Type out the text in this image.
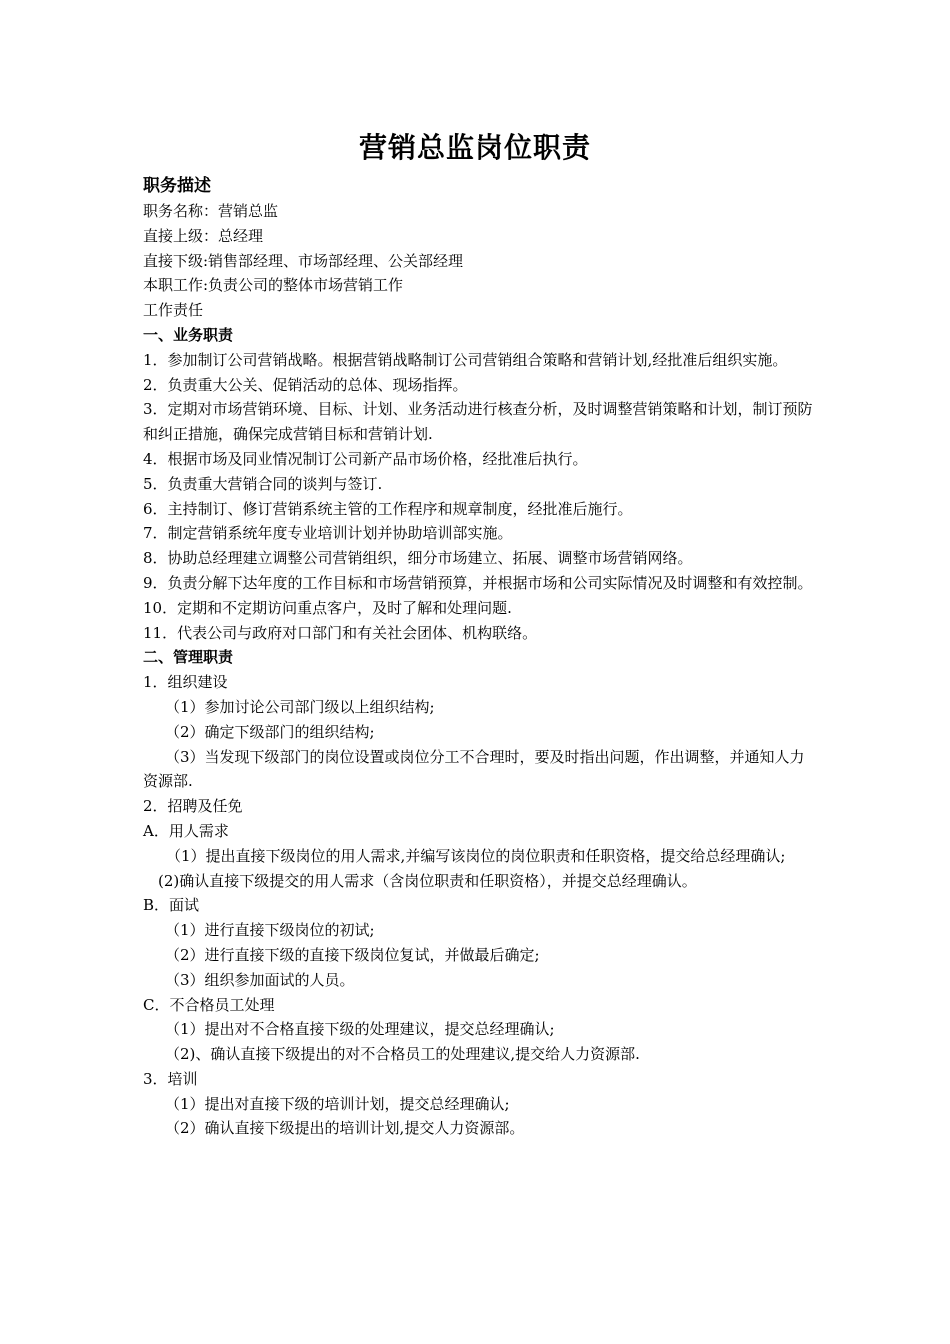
营销总监岗位职责
职务描述
职务名称：营销总监
直接上级：总经理
直接下级:销售部经理、市场部经理、公关部经理
本职工作:负责公司的整体市场营销工作
工作责任
一、业务职责
1．参加制订公司营销战略。根据营销战略制订公司营销组合策略和营销计划,经批准后组织实施。
2．负责重大公关、促销活动的总体、现场指挥。
3．定期对市场营销环境、目标、计划、业务活动进行核查分析，及时调整营销策略和计划，制订预防和纠正措施，确保完成营销目标和营销计划.
4．根据市场及同业情况制订公司新产品市场价格，经批准后执行。
5．负责重大营销合同的谈判与签订.
6．主持制订、修订营销系统主管的工作程序和规章制度，经批准后施行。
7．制定营销系统年度专业培训计划并协助培训部实施。
8．协助总经理建立调整公司营销组织，细分市场建立、拓展、调整市场营销网络。
9．负责分解下达年度的工作目标和市场营销预算，并根据市场和公司实际情况及时调整和有效控制。
10．定期和不定期访问重点客户，及时了解和处理问题.
11．代表公司与政府对口部门和有关社会团体、机构联络。
二、管理职责
1．组织建设
（1）参加讨论公司部门级以上组织结构;
（2）确定下级部门的组织结构;
（3）当发现下级部门的岗位设置或岗位分工不合理时，要及时指出问题，作出调整，并通知人力资源部.
2．招聘及任免
A．用人需求
（1）提出直接下级岗位的用人需求,并编写该岗位的岗位职责和任职资格，提交给总经理确认;
(2)确认直接下级提交的用人需求（含岗位职责和任职资格），并提交总经理确认。
B．面试
（1）进行直接下级岗位的初试;
（2）进行直接下级的直接下级岗位复试，并做最后确定;
（3）组织参加面试的人员。
C．不合格员工处理
（1）提出对不合格直接下级的处理建议，提交总经理确认;
（2)、确认直接下级提出的对不合格员工的处理建议,提交给人力资源部.
3．培训
（1）提出对直接下级的培训计划，提交总经理确认;
（2）确认直接下级提出的培训计划,提交人力资源部。
